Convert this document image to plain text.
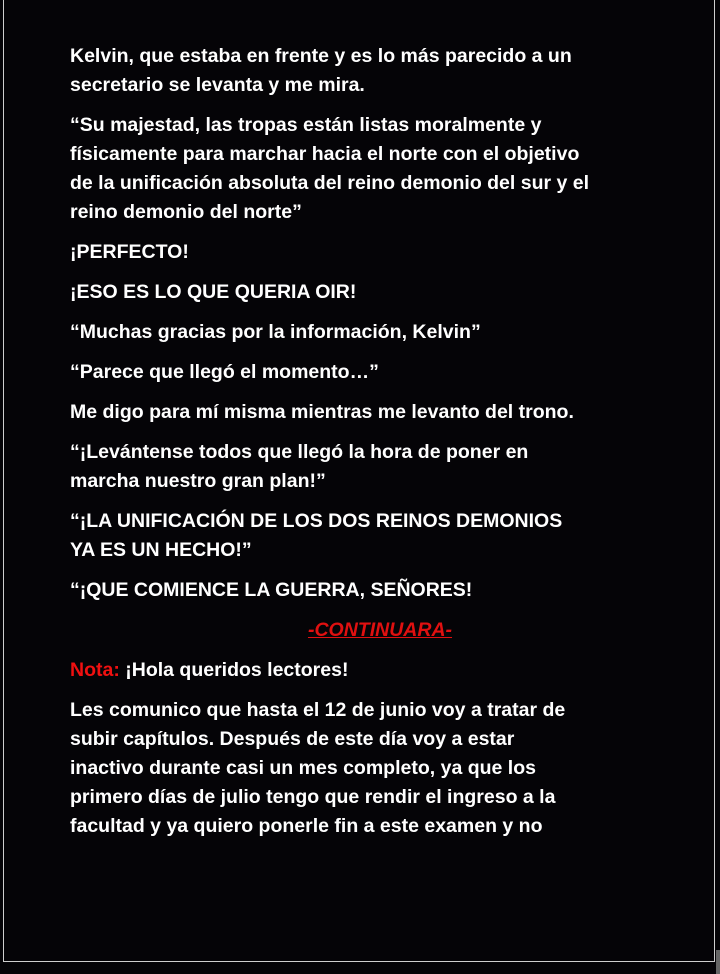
Kelvin, que estaba en frente y es lo más parecido a un
secretario se levanta y me mira.

“Su majestad, las tropas están listas moralmente y
físicamente para marchar hacia el norte con el objetivo
de la unificación absoluta del reino demonio del sur y el
reino demonio del norte”

¡PERFECTO!

¡ESO ES LO QUE QUERIA OIR!

“Muchas gracias por la información, Kelvin”

“Parece que llegó el momento…”

Me digo para mí misma mientras me levanto del trono.

“¡Levántense todos que llegó la hora de poner en
marcha nuestro gran plan!”

“¡LA UNIFICACIÓN DE LOS DOS REINOS DEMONIOS
YA ES UN HECHO!”

“¡QUE COMIENCE LA GUERRA, SEÑORES!

-CONTINUARA-

Nota: ¡Hola queridos lectores!

Les comunico que hasta el 12 de junio voy a tratar de
subir capítulos. Después de este día voy a estar
inactivo durante casi un mes completo, ya que los
primero días de julio tengo que rendir el ingreso a la
facultad y ya quiero ponerle fin a este examen y no
